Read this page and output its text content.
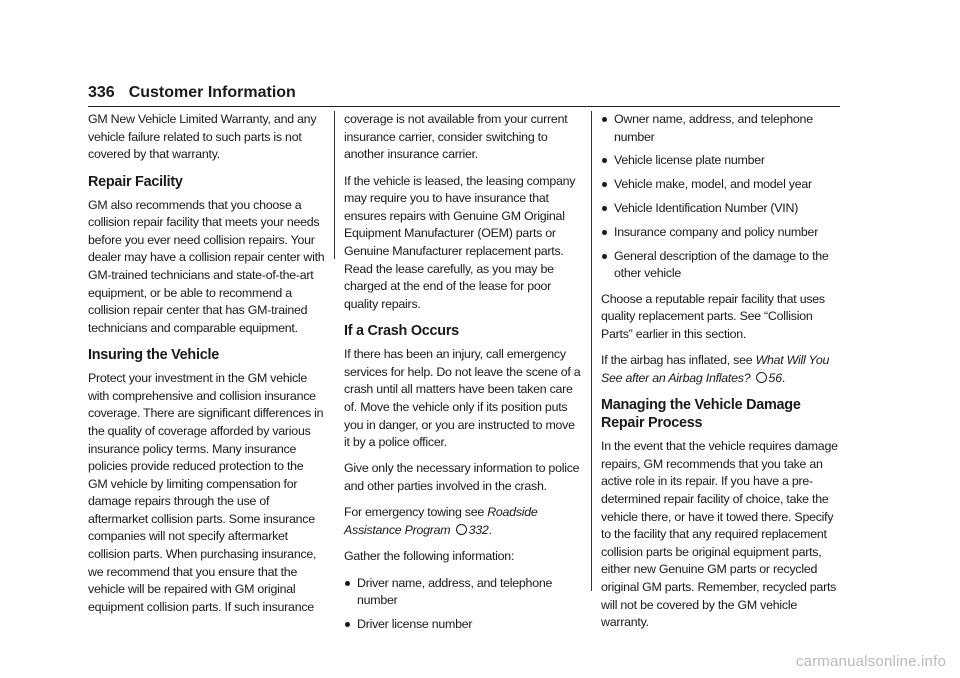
336 Customer Information

GM New Vehicle Limited Warranty, and any vehicle failure related to such parts is not covered by that warranty.

Repair Facility

GM also recommends that you choose a collision repair facility that meets your needs before you ever need collision repairs. Your dealer may have a collision repair center with GM-trained technicians and state-of-the-art equipment, or be able to recommend a collision repair center that has GM-trained technicians and comparable equipment.

Insuring the Vehicle

Protect your investment in the GM vehicle with comprehensive and collision insurance coverage. There are significant differences in the quality of coverage afforded by various insurance policy terms. Many insurance policies provide reduced protection to the GM vehicle by limiting compensation for damage repairs through the use of aftermarket collision parts. Some insurance companies will not specify aftermarket collision parts. When purchasing insurance, we recommend that you ensure that the vehicle will be repaired with GM original equipment collision parts. If such insurance

coverage is not available from your current insurance carrier, consider switching to another insurance carrier.

If the vehicle is leased, the leasing company may require you to have insurance that ensures repairs with Genuine GM Original Equipment Manufacturer (OEM) parts or Genuine Manufacturer replacement parts. Read the lease carefully, as you may be charged at the end of the lease for poor quality repairs.

If a Crash Occurs

If there has been an injury, call emergency services for help. Do not leave the scene of a crash until all matters have been taken care of. Move the vehicle only if its position puts you in danger, or you are instructed to move it by a police officer.

Give only the necessary information to police and other parties involved in the crash.

For emergency towing see Roadside Assistance Program 332.

Gather the following information:

Driver name, address, and telephone number
Driver license number
Owner name, address, and telephone number
Vehicle license plate number
Vehicle make, model, and model year
Vehicle Identification Number (VIN)
Insurance company and policy number
General description of the damage to the other vehicle

Choose a reputable repair facility that uses quality replacement parts. See “Collision Parts” earlier in this section.

If the airbag has inflated, see What Will You See after an Airbag Inflates? 56.

Managing the Vehicle Damage Repair Process

In the event that the vehicle requires damage repairs, GM recommends that you take an active role in its repair. If you have a pre-determined repair facility of choice, take the vehicle there, or have it towed there. Specify to the facility that any required replacement collision parts be original equipment parts, either new Genuine GM parts or recycled original GM parts. Remember, recycled parts will not be covered by the GM vehicle warranty.

carmanualsonline.info
